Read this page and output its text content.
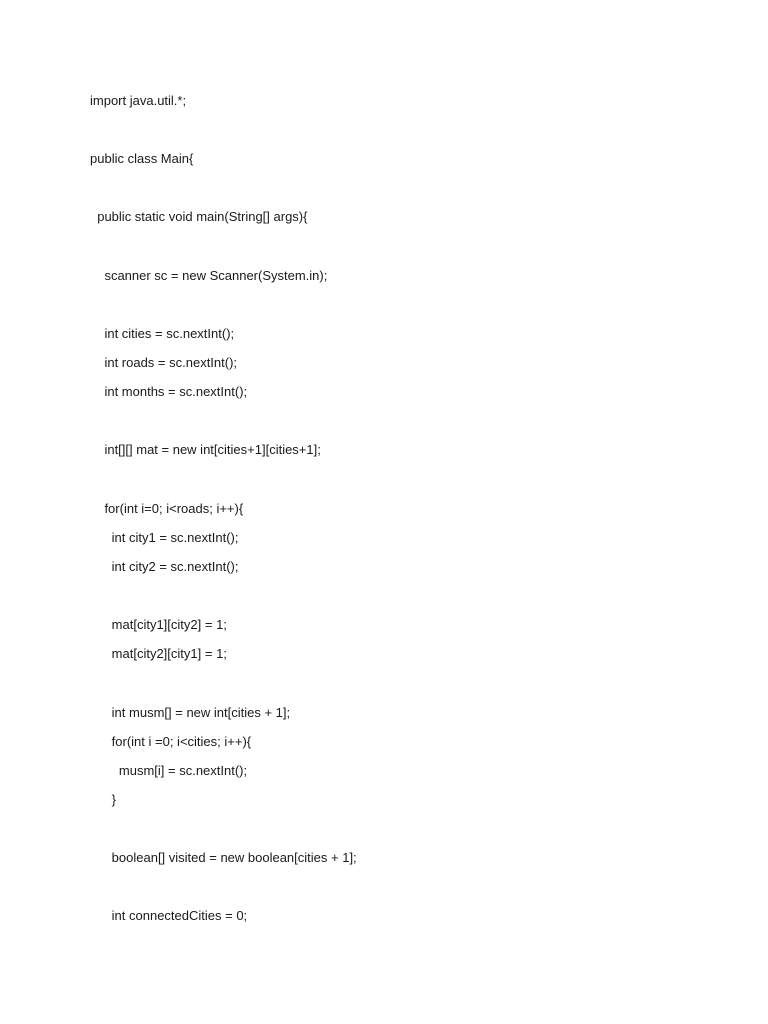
import java.util.*;
public class Main{
public static void main(String[] args){
scanner sc = new Scanner(System.in);
int cities = sc.nextInt();
int roads = sc.nextInt();
int months = sc.nextInt();
int[][] mat = new int[cities+1][cities+1];
for(int i=0; i<roads; i++){
int city1 = sc.nextInt();
int city2 = sc.nextInt();
mat[city1][city2] = 1;
mat[city2][city1] = 1;
int musm[] = new int[cities + 1];
for(int i =0; i<cities; i++){
musm[i] = sc.nextInt();
}
boolean[] visited = new boolean[cities + 1];
int connectedCities = 0;
